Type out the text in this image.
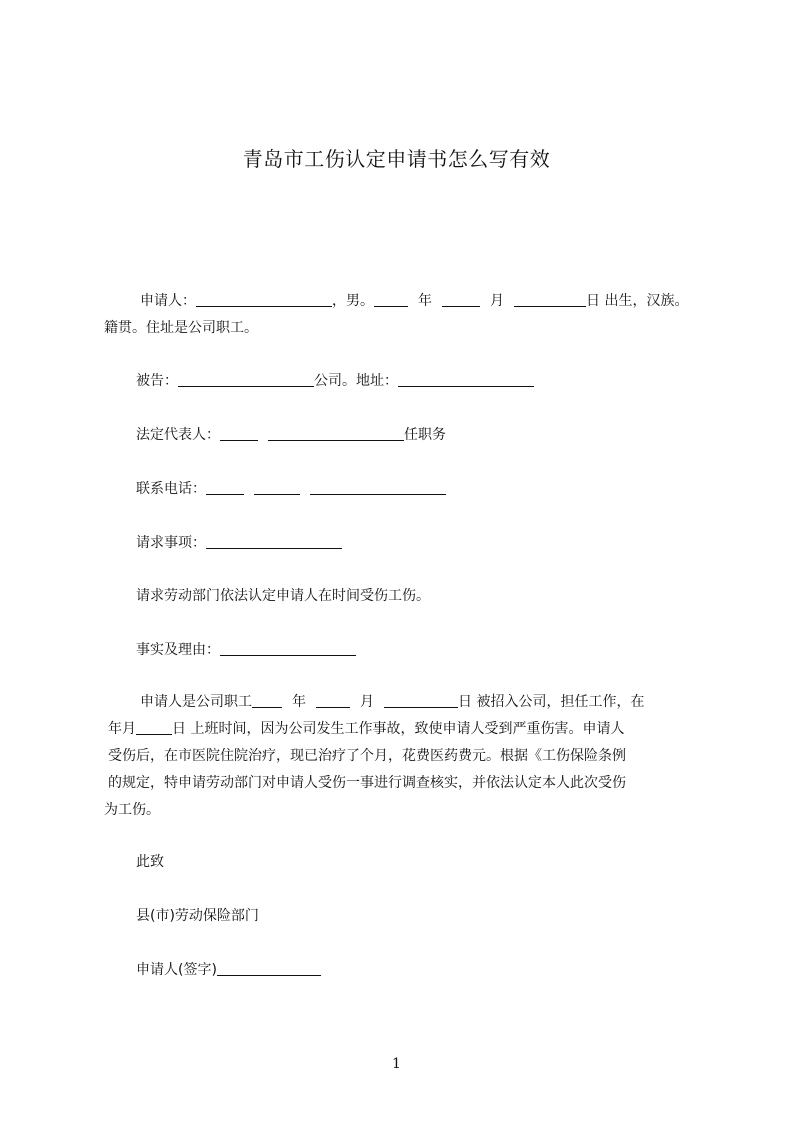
青岛市工伤认定申请书怎么写有效
申请人：	，男。	年	月	日 出生，汉族。
籍贯。住址是公司职工。
被告：	公司。地址：
法定代表人：	任职务
联系电话：
请求事项：
请求劳动部门依法认定申请人在时间受伤工伤。
事实及理由：
申请人是公司职工	年	月	日 被招入公司，担任工作，在
年月	日 上班时间，因为公司发生工作事故，致使申请人受到严重伤害。申请人
受伤后，在市医院住院治疗，现已治疗了个月，花费医药费元。根据《工伤保险条例
的规定，特申请劳动部门对申请人受伤一事进行调查核实，并依法认定本人此次受伤
为工伤。
此致
县(市)劳动保险部门
申请人(签字)
1
